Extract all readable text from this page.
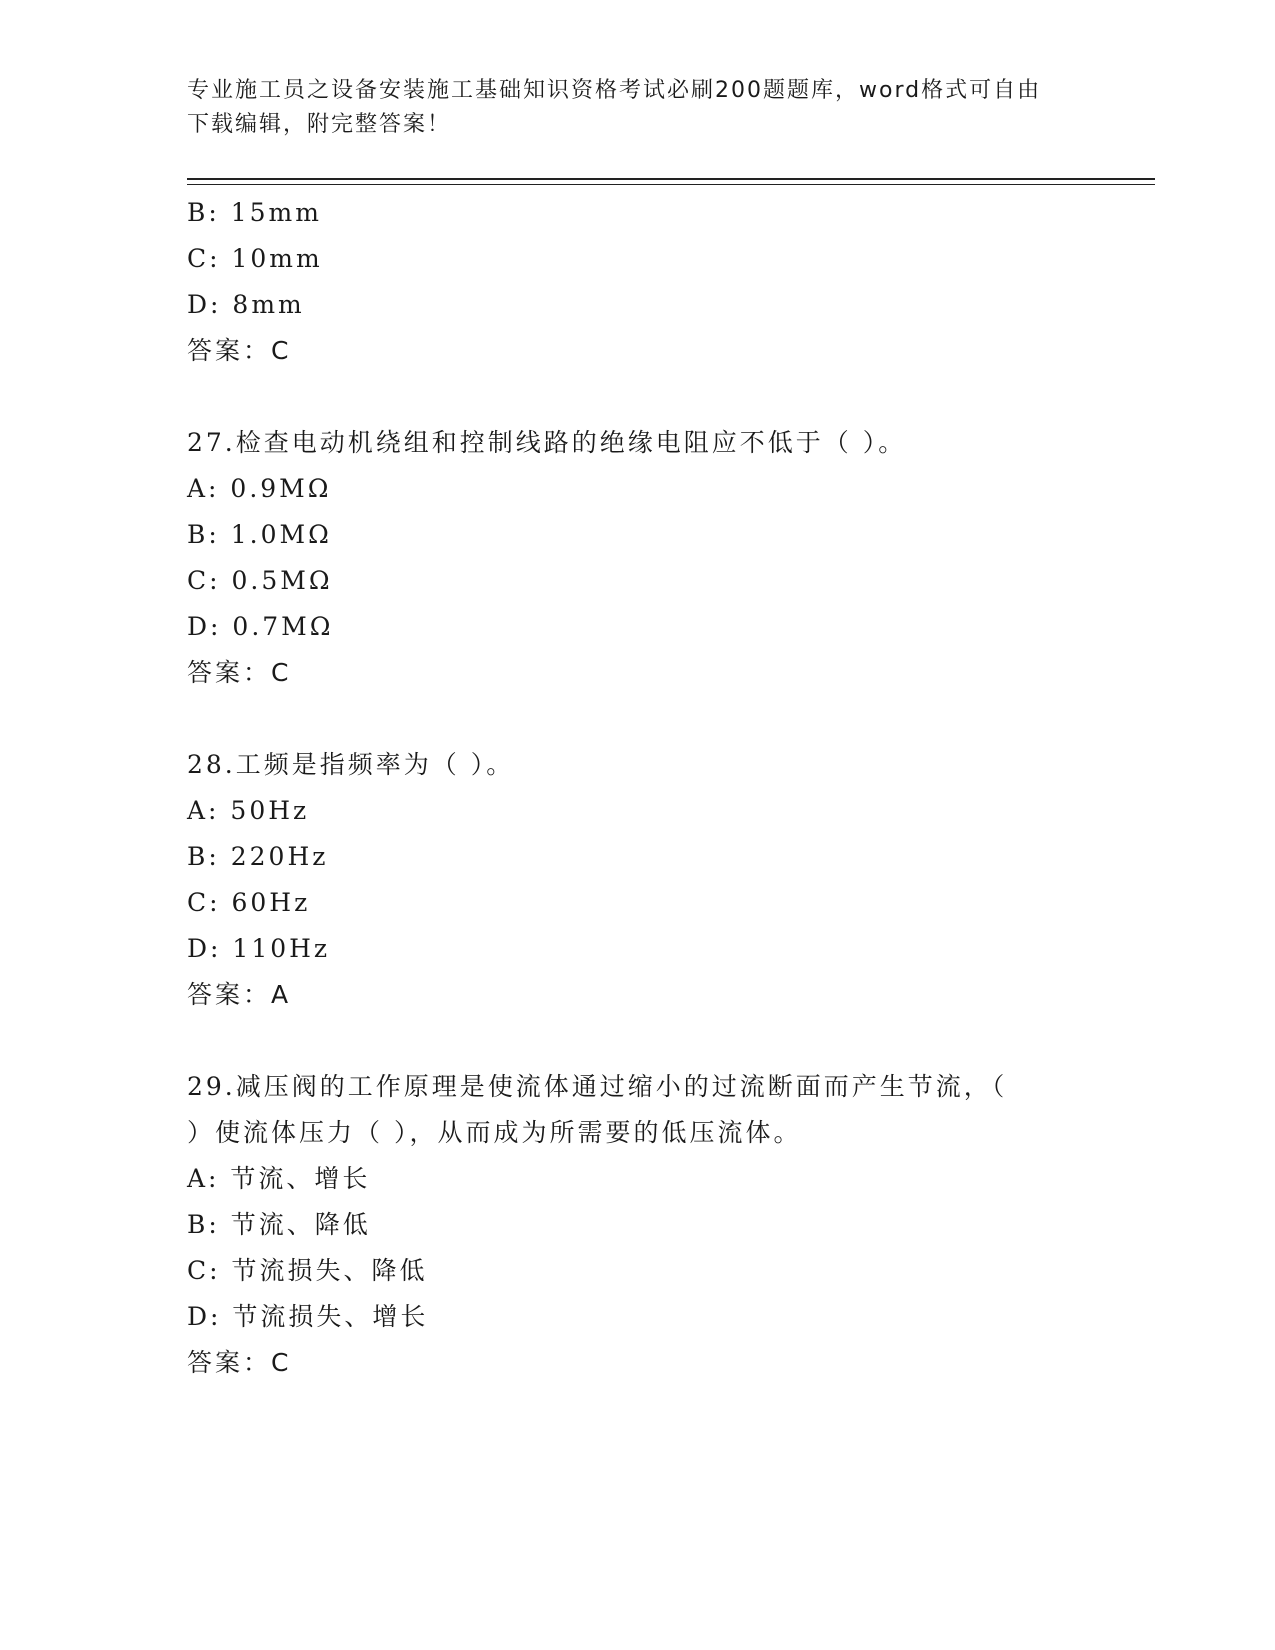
专业施工员之设备安装施工基础知识资格考试必刷200题题库，word格式可自由
下载编辑，附完整答案！
B: 15mm
C: 10mm
D: 8mm
答案：C
27.检查电动机绕组和控制线路的绝缘电阻应不低于（ ）。
A: 0.9MΩ
B: 1.0MΩ
C: 0.5MΩ
D: 0.7MΩ
答案：C
28.工频是指频率为（ ）。
A: 50Hz
B: 220Hz
C: 60Hz
D: 110Hz
答案：A
29.减压阀的工作原理是使流体通过缩小的过流断面而产生节流，（
）使流体压力（ ），从而成为所需要的低压流体。
A: 节流、增长
B: 节流、降低
C: 节流损失、降低
D: 节流损失、增长
答案：C
